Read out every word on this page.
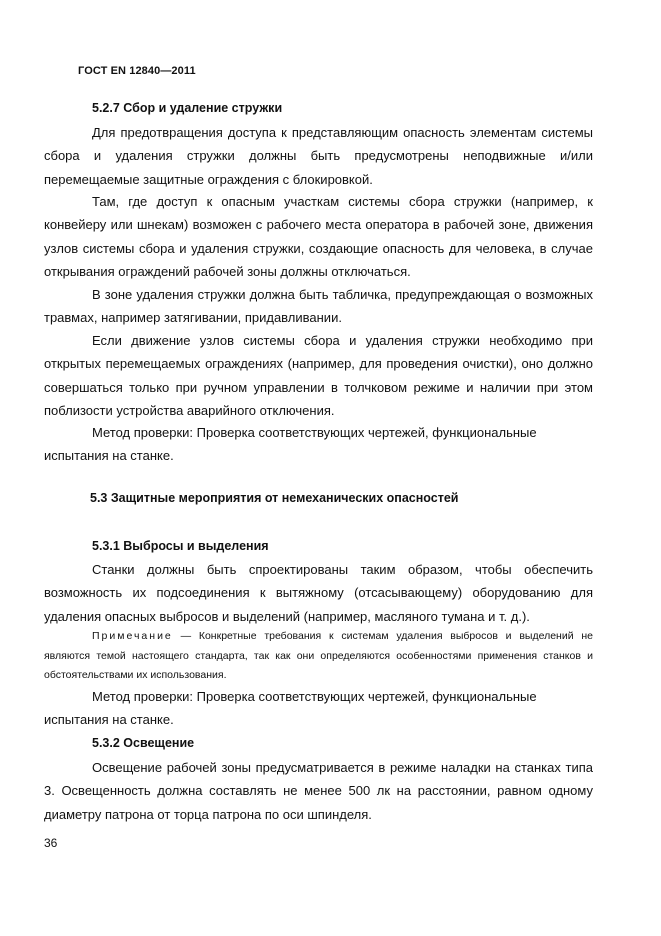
ГОСТ EN 12840—2011
5.2.7 Сбор и удаление стружки

Для предотвращения доступа к представляющим опасность элементам системы сбора и удаления стружки должны быть предусмотрены неподвижные и/или перемещаемые защитные ограждения с блокировкой.

Там, где доступ к опасным участкам системы сбора стружки (например, к конвейеру или шнекам) возможен с рабочего места оператора в рабочей зоне, движения узлов системы сбора и удаления стружки, создающие опасность для человека, в случае открывания ограждений рабочей зоны должны отключаться.

В зоне удаления стружки должна быть табличка, предупреждающая о возможных травмах, например затягивании, придавливании.

Если движение узлов системы сбора и удаления стружки необходимо при открытых перемещаемых ограждениях (например, для проведения очистки), оно должно совершаться только при ручном управлении в толчковом режиме и наличии при этом поблизости устройства аварийного отключения.

Метод проверки: Проверка соответствующих чертежей, функциональные испытания на станке.

5.3 Защитные мероприятия от немеханических опасностей
5.3.1 Выбросы и выделения

Станки должны быть спроектированы таким образом, чтобы обеспечить возможность их подсоединения к вытяжному (отсасывающему) оборудованию для удаления опасных выбросов и выделений (например, масляного тумана и т. д.).

Примечание — Конкретные требования к системам удаления выбросов и выделений не являются темой настоящего стандарта, так как они определяются особенностями применения станков и обстоятельствами их использования.

Метод проверки: Проверка соответствующих чертежей, функциональные испытания на станке.

5.3.2 Освещение

Освещение рабочей зоны предусматривается в режиме наладки на станках типа 3. Освещенность должна составлять не менее 500 лк на расстоянии, равном одному диаметру патрона от торца патрона по оси шпинделя.

36
